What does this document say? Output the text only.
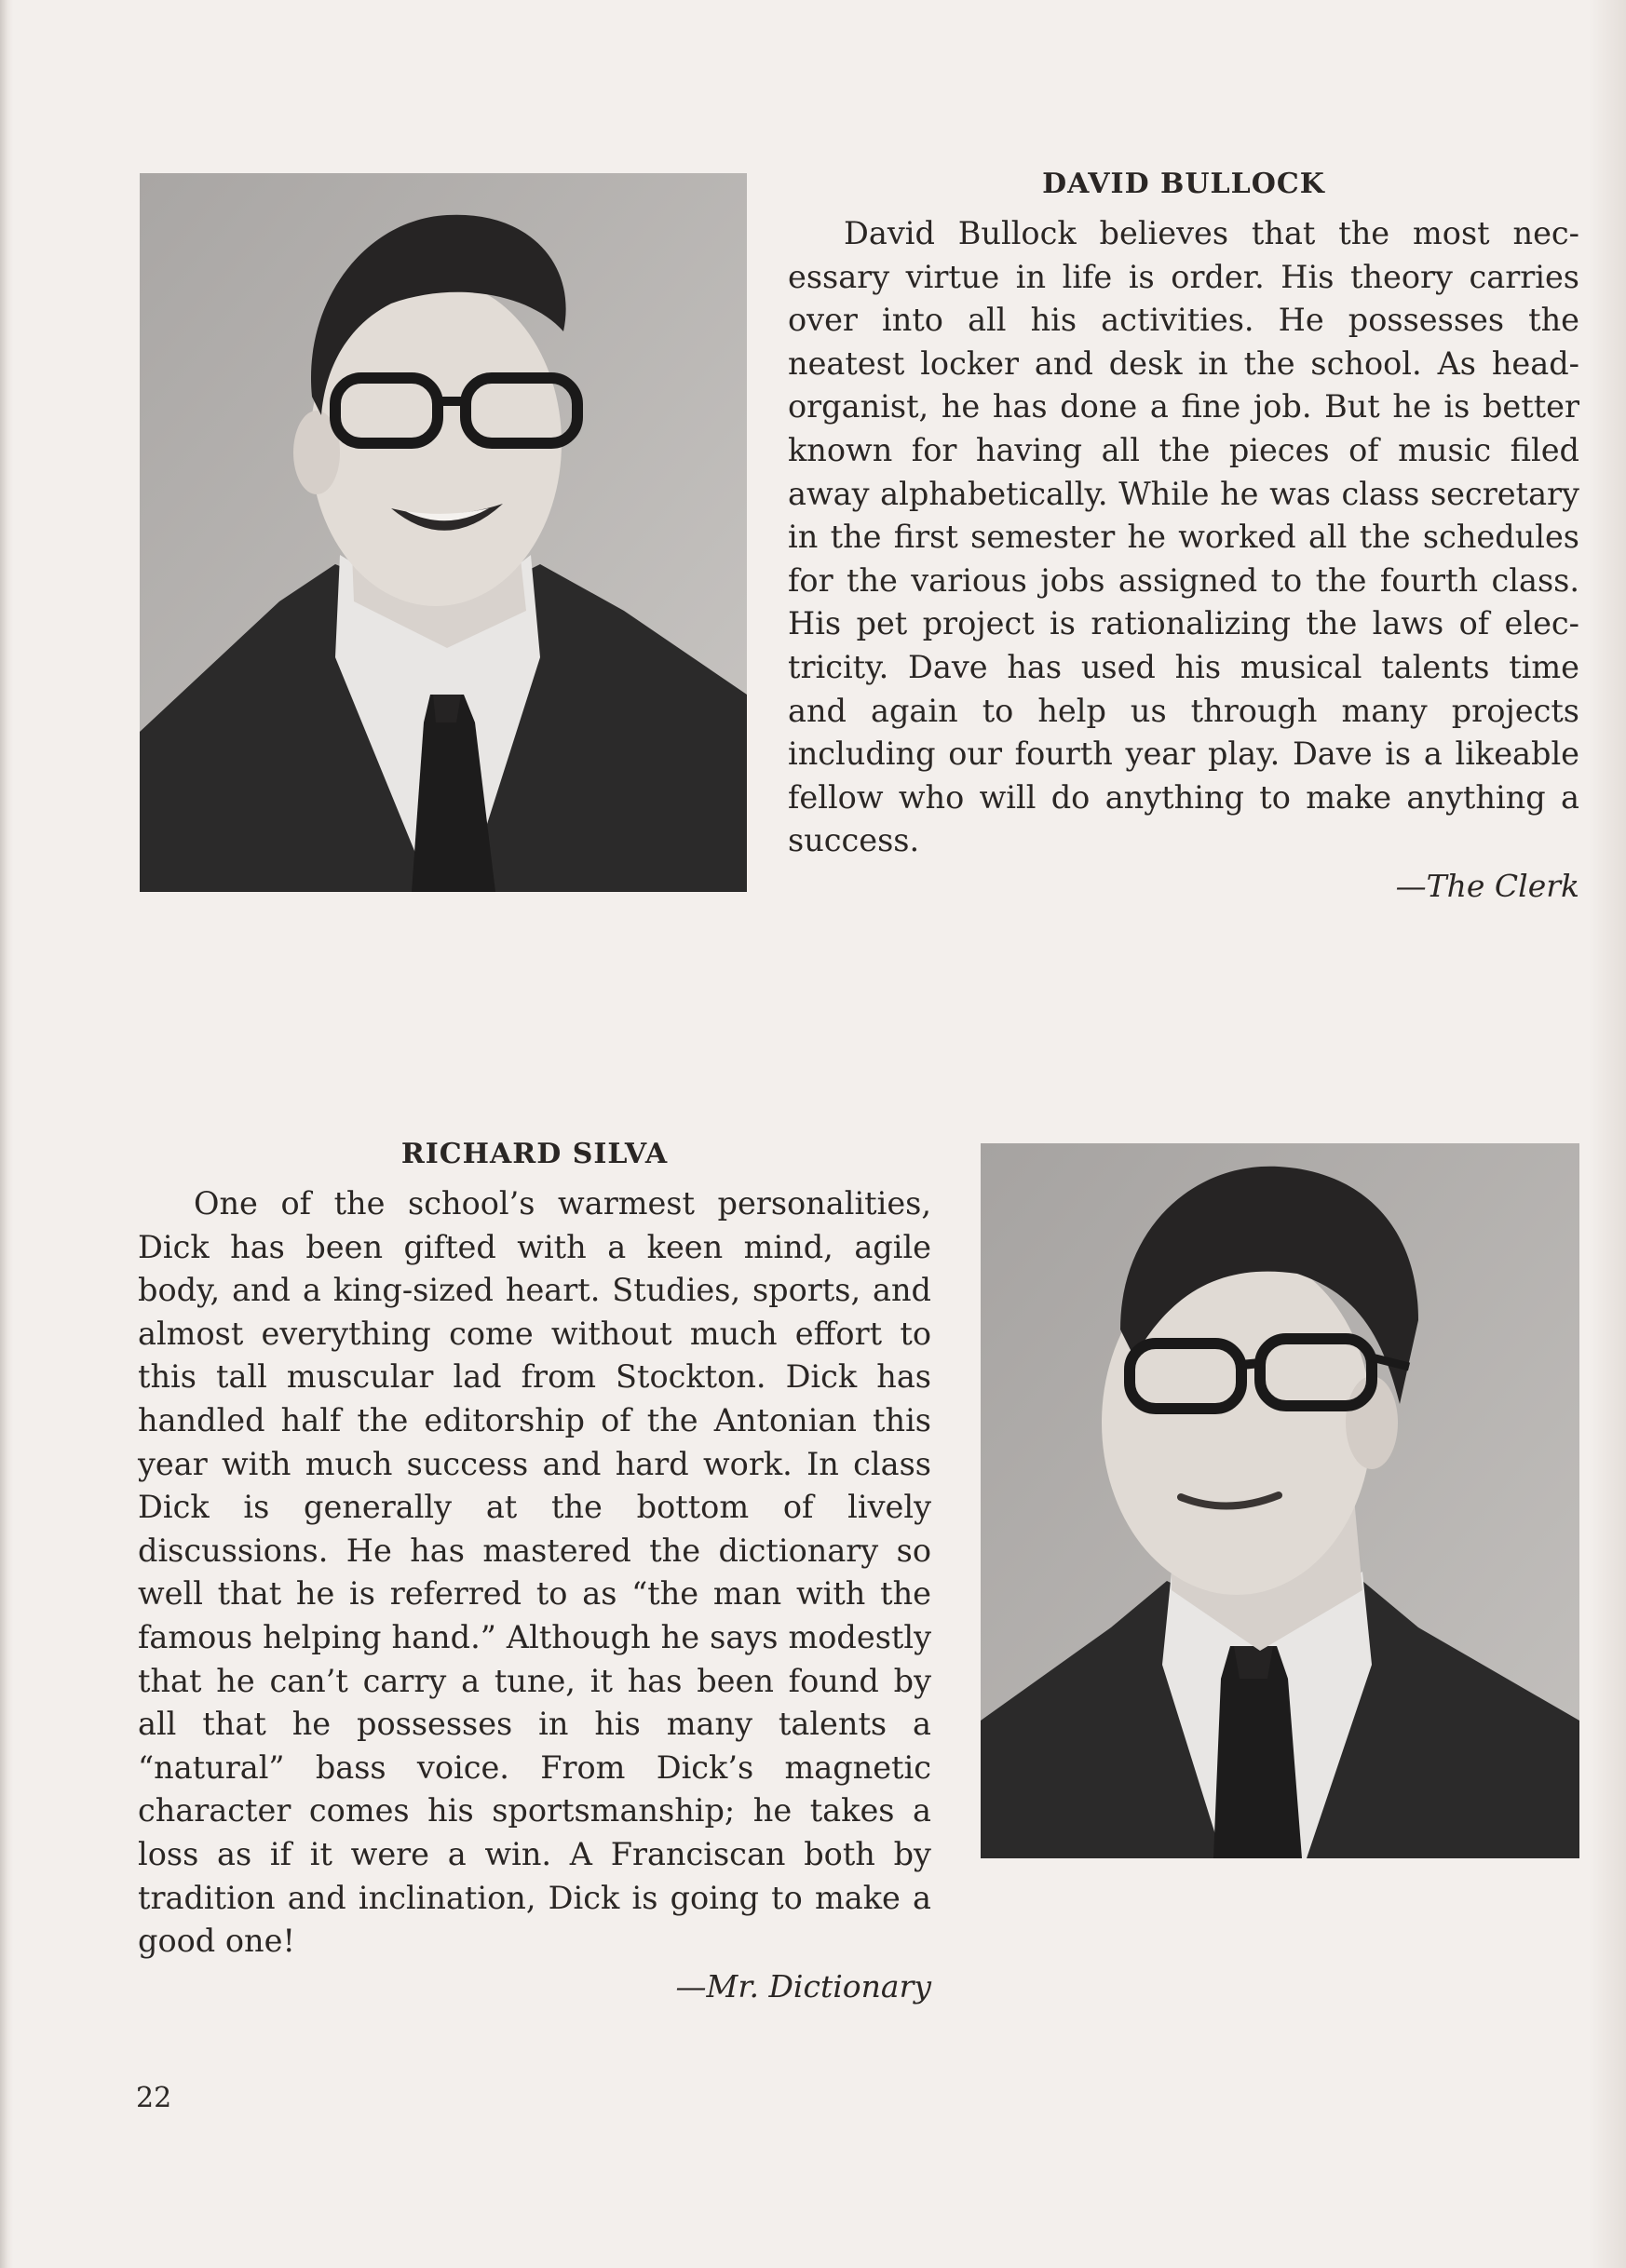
DAVID BULLOCK

David Bullock believes that the most necessary virtue in life is order. His theory carries over into all his activities. He possesses the neatest locker and desk in the school. As head-organist, he has done a fine job. But he is better known for having all the pieces of music filed away alphabetically. While he was class secretary in the first semester he worked all the schedules for the various jobs assigned to the fourth class. His pet project is rationalizing the laws of electricity. Dave has used his musical talents time and again to help us through many projects including our fourth year play. Dave is a likeable fellow who will do anything to make anything a success.

—The Clerk

RICHARD SILVA

One of the school’s warmest personalities, Dick has been gifted with a keen mind, agile body, and a king-sized heart. Studies, sports, and almost everything come without much effort to this tall muscular lad from Stockton. Dick has handled half the editorship of the Antonian this year with much success and hard work. In class Dick is generally at the bottom of lively discussions. He has mastered the dictionary so well that he is referred to as “the man with the famous helping hand.” Although he says modestly that he can’t carry a tune, it has been found by all that he possesses in his many talents a “natural” bass voice. From Dick’s magnetic character comes his sportsmanship; he takes a loss as if it were a win. A Franciscan both by tradition and inclination, Dick is going to make a good one!

—Mr. Dictionary

22
